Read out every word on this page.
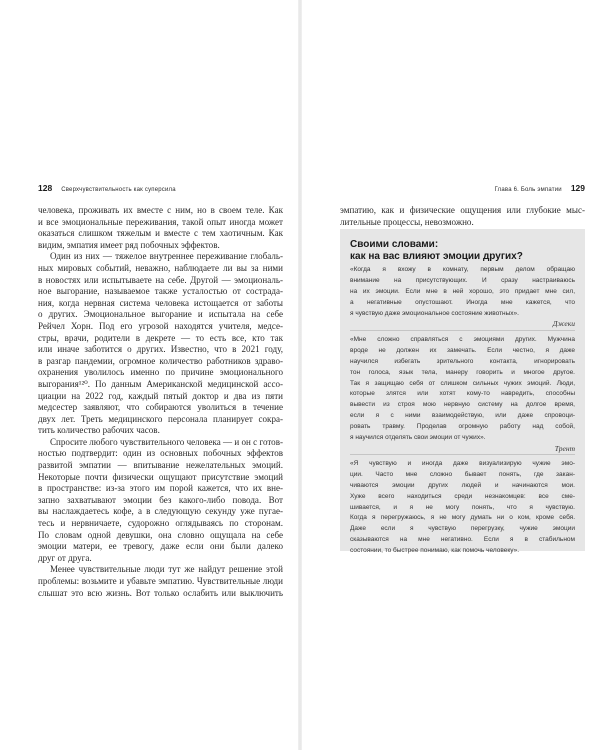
128 Сверхчувствительность как суперсила
человека, проживать их вместе с ним, но в своем теле. Как
и все эмоциональные переживания, такой опыт иногда может
оказаться слишком тяжелым и вместе с тем хаотичным. Как
видим, эмпатия имеет ряд побочных эффектов.
Один из них — тяжелое внутреннее переживание глобаль-
ных мировых событий, неважно, наблюдаете ли вы за ними
в новостях или испытываете на себе. Другой — эмоциональ-
ное выгорание, называемое также усталостью от сострада-
ния, когда нервная система человека истощается от заботы
о других. Эмоциональное выгорание и испытала на себе
Рейчел Хорн. Под его угрозой находятся учителя, медсе-
стры, врачи, родители в декрете — то есть все, кто так
или иначе заботится о других. Известно, что в 2021 году,
в разгар пандемии, огромное количество работников здраво-
охранения уволилось именно по причине эмоционального
выгорания¹²⁰. По данным Американской медицинской ассо-
циации на 2022 год, каждый пятый доктор и два из пяти
медсестер заявляют, что собираются уволиться в течение
двух лет. Треть медицинского персонала планирует сокра-
тить количество рабочих часов.
Спросите любого чувствительного человека — и он с готов-
ностью подтвердит: один из основных побочных эффектов
развитой эмпатии — впитывание нежелательных эмоций.
Некоторые почти физически ощущают присутствие эмоций
в пространстве: из-за этого им порой кажется, что их вне-
запно захватывают эмоции без какого-либо повода. Вот
вы наслаждаетесь кофе, а в следующую секунду уже пугае-
тесь и нервничаете, судорожно оглядываясь по сторонам.
По словам одной девушки, она словно ощущала на себе
эмоции матери, ее тревогу, даже если они были далеко
друг от друга.
Менее чувствительные люди тут же найдут решение этой
проблемы: возьмите и убавьте эмпатию. Чувствительные люди
слышат это всю жизнь. Вот только ослабить или выключить
Глава 6. Боль эмпатии 129
эмпатию, как и физические ощущения или глубокие мыс-
лительные процессы, невозможно.
Своими словами:
как на вас влияют эмоции других?
«Когда я вхожу в комнату, первым делом обращаю
внимание на присутствующих. И сразу настраиваюсь
на их эмоции. Если мне в ней хорошо, это придает мне сил,
а негативные опустошают. Иногда мне кажется, что
я чувствую даже эмоциональное состояние животных».
Джеки
«Мне сложно справляться с эмоциями других. Мужчина
вроде не должен их замечать. Если честно, я даже
научился избегать зрительного контакта, игнорировать
тон голоса, язык тела, манеру говорить и многое другое.
Так я защищаю себя от слишком сильных чужих эмоций. Люди,
которые злятся или хотят кому-то навредить, способны
вывести из строя мою нервную систему на долгое время,
если я с ними взаимодействую, или даже спровоци-
ровать травму. Проделав огромную работу над собой,
я научился отделять свои эмоции от чужих».
Трент
«Я чувствую и иногда даже визуализирую чужие эмо-
ции. Часто мне сложно бывает понять, где закан-
чиваются эмоции других людей и начинаются мои.
Хуже всего находиться среди незнакомцев: все сме-
шивается, и я не могу понять, что я чувствую.
Когда я перегружаюсь, я не могу думать ни о ком, кроме себя.
Даже если я чувствую перегрузку, чужие эмоции
сказываются на мне негативно. Если я в стабильном
состоянии, то быстрее понимаю, как помочь человеку».
